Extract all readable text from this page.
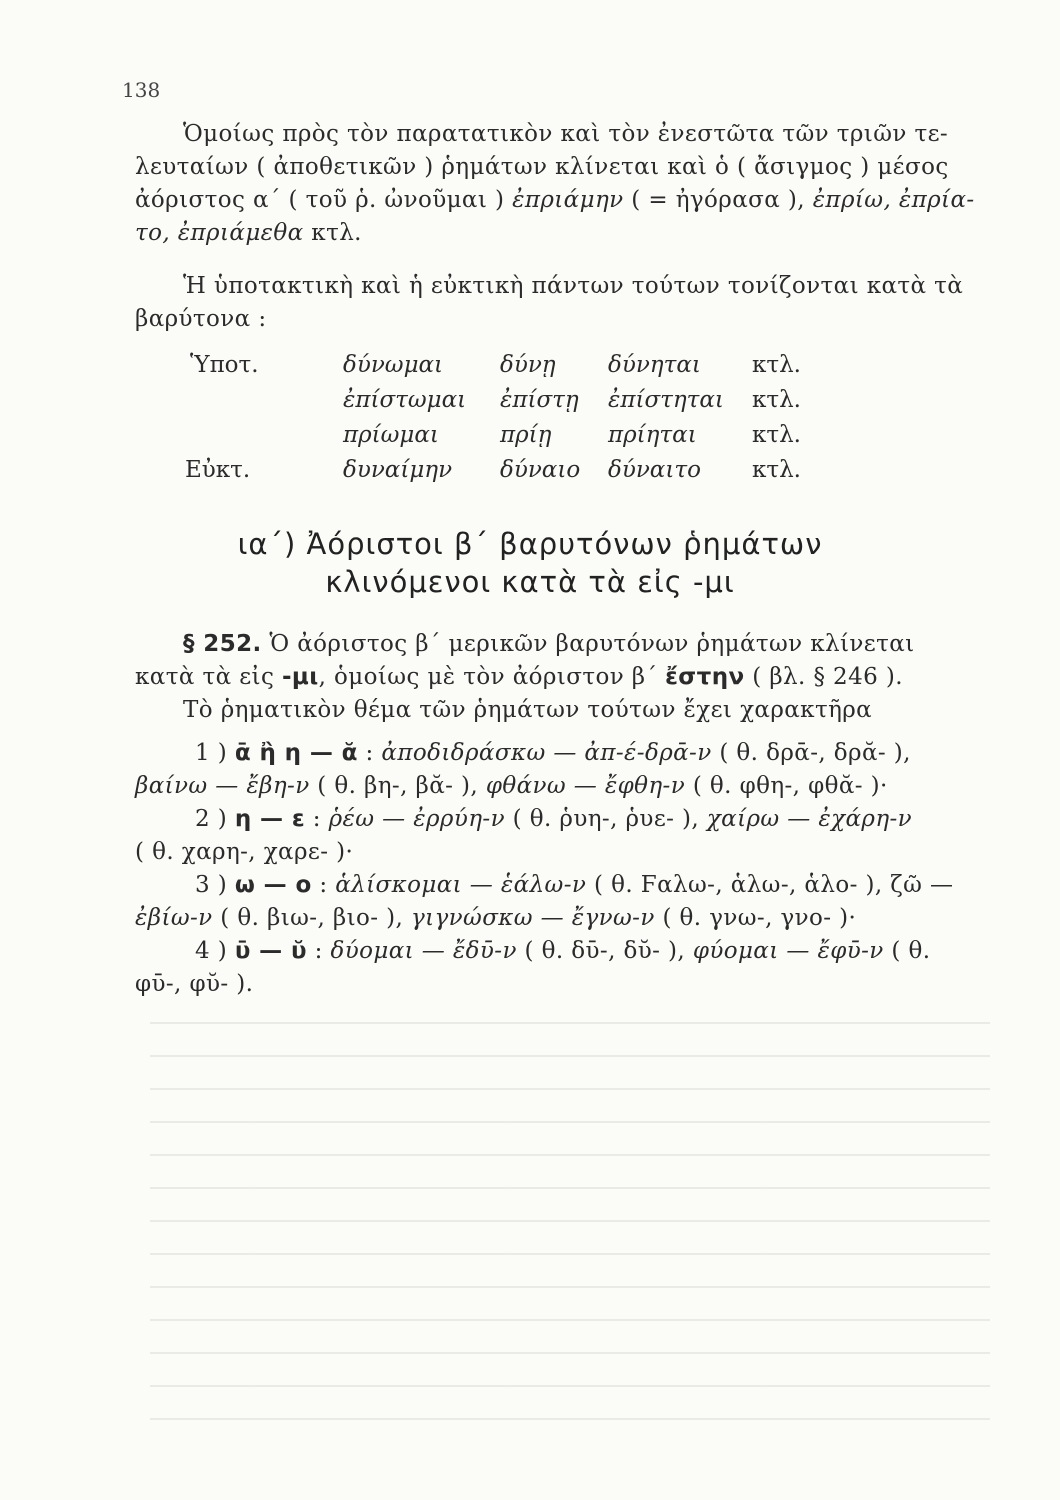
138
Ὁμοίως πρὸς τὸν παρατατικὸν καὶ τὸν ἐνεστῶτα τῶν τριῶν τε-
λευταίων ( ἀποθετικῶν ) ῥημάτων κλίνεται καὶ ὁ ( ἄσιγμος ) μέσος
ἀόριστος α΄ ( τοῦ ῥ. ὠνοῦμαι ) ἐπριάμην ( = ἠγόρασα ), ἐπρίω, ἐπρία-
το, ἐπριάμεθα κτλ.
Ἡ ὑποτακτικὴ καὶ ἡ εὐκτικὴ πάντων τούτων τονίζονται κατὰ τὰ
βαρύτονα :
Ὑποτ.
Εὐκτ.
δύνωμαι δύνῃ δύνηται κτλ.
ἐπίστωμαι ἐπίστῃ ἐπίστηται κτλ.
πρίωμαι	πρίῃ πρίηται κτλ.
δυναίμην δύναιο δύναιτο κτλ.
ια΄) Ἀόριστοι β΄ βαρυτόνων ῥημάτων
κλινόμενοι κατὰ τὰ εἰς -μι
§ 252. Ὁ ἀόριστος β΄ μερικῶν βαρυτόνων ῥημάτων κλίνεται
κατὰ τὰ εἰς -μι, ὁμοίως μὲ τὸν ἀόριστον β΄ ἔστην ( βλ. § 246 ).
Τὸ ῥηματικὸν θέμα τῶν ῥημάτων τούτων ἔχει χαρακτῆρα
1 ) ᾱ ἢ η — ᾰ : ἀποδιδράσκω — ἀπ-έ-δρᾱ-ν ( θ. δρᾱ-, δρᾰ- ),
βαίνω — ἔβη-ν ( θ. βη-, βᾰ- ), φθάνω — ἔφθη-ν ( θ. φθη-, φθᾰ- )·
2 ) η — ε : ῥέω — ἐρρύη-ν ( θ. ῥυη-, ῥυε- ), χαίρω — ἐχάρη-ν
( θ. χαρη-, χαρε- )·
3 ) ω — ο : ἁλίσκομαι — ἑάλω-ν ( θ. Ϝαλω-, ἁλω-, ἁλο- ), ζῶ —
ἐβίω-ν ( θ. βιω-, βιο- ), γιγνώσκω — ἔγνω-ν ( θ. γνω-, γνο- )·
4 ) ῡ — ῠ : δύομαι — ἔδῡ-ν ( θ. δῡ-, δῠ- ), φύομαι — ἔφῡ-ν ( θ.
φῡ-, φῠ- ).
